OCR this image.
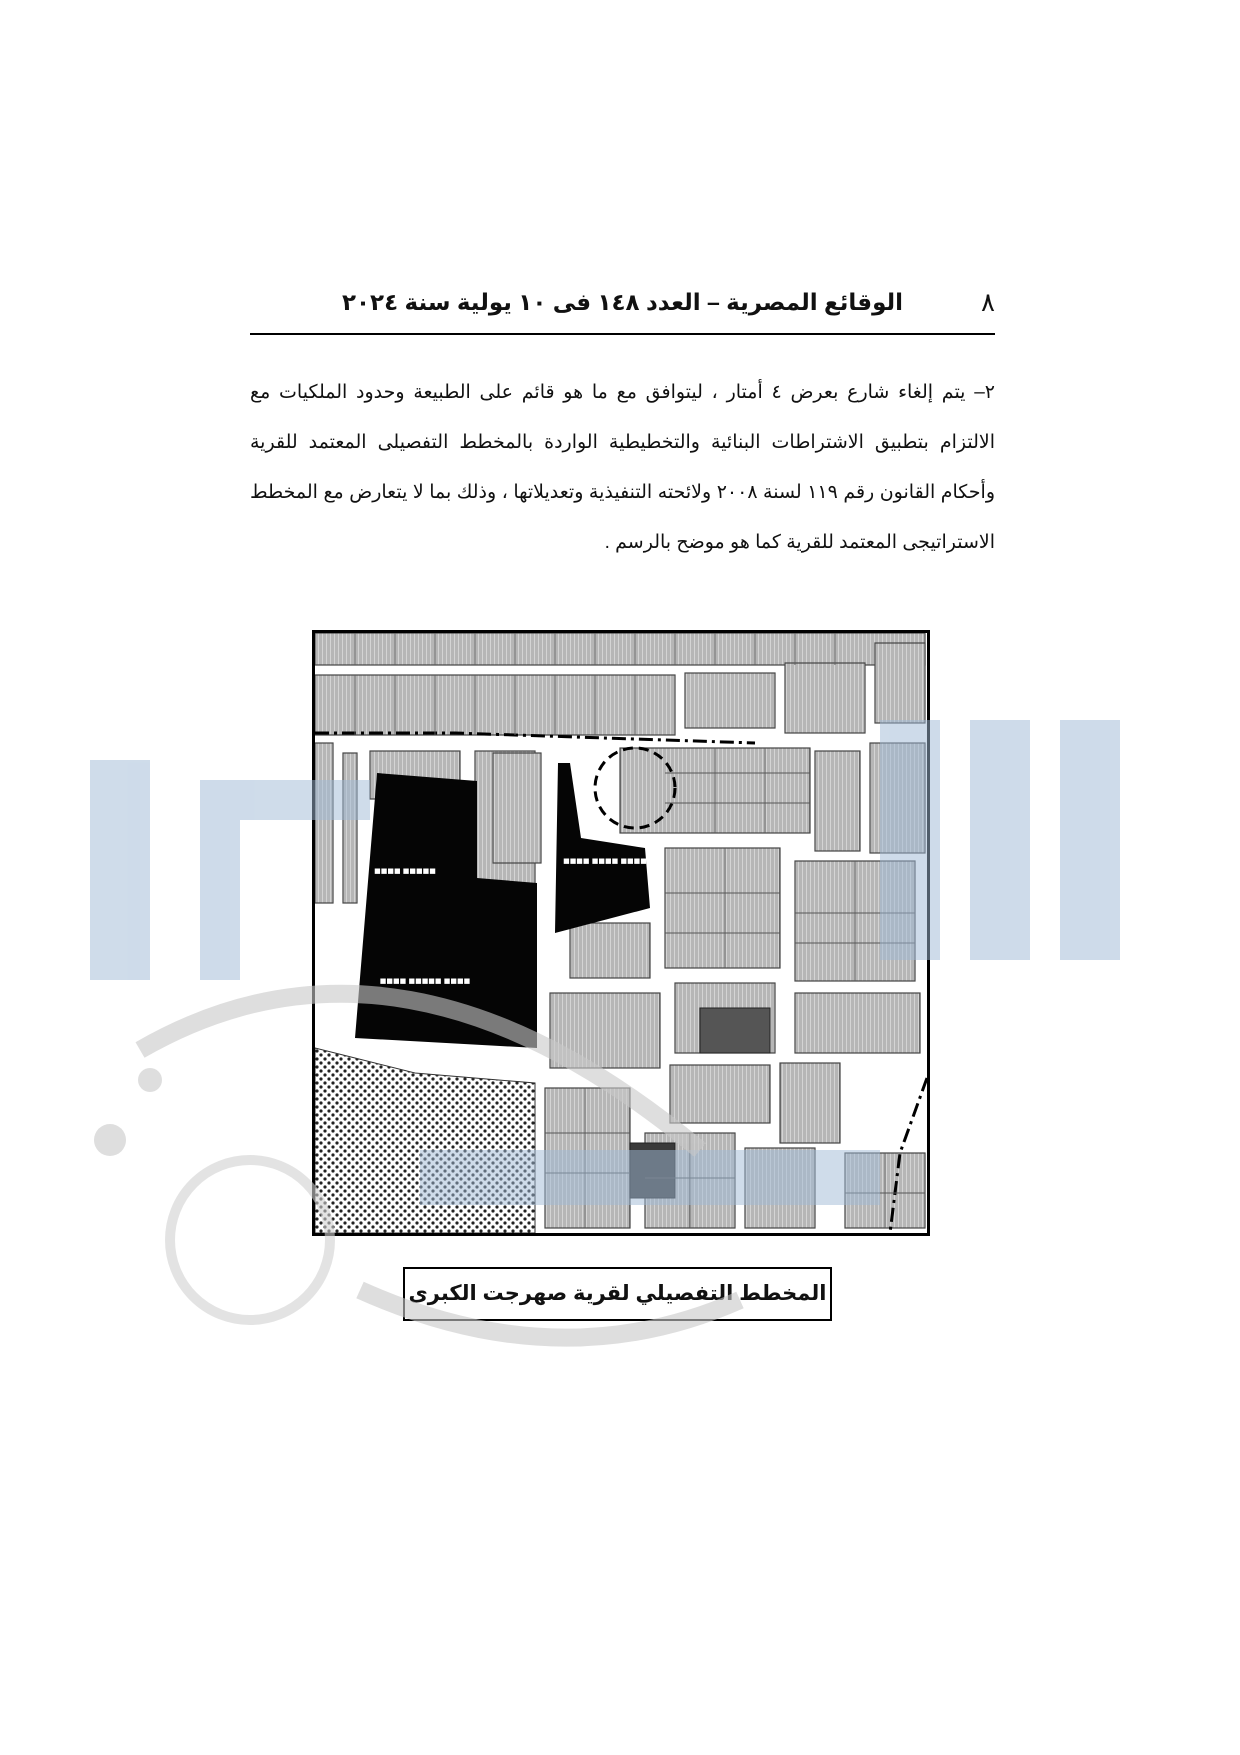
٨
الوقائع المصرية – العدد ١٤٨ فى ١٠ يولية سنة ٢٠٢٤

٢– يتم إلغاء شارع بعرض ٤ أمتار ، ليتوافق مع ما هو قائم على الطبيعة وحدود الملكيات مع الالتزام بتطبيق الاشتراطات البنائية والتخطيطية الواردة بالمخطط التفصيلى المعتمد للقرية وأحكام القانون رقم ١١٩ لسنة ٢٠٠٨ ولائحته التنفيذية وتعديلاتها ، وذلك بما لا يتعارض مع المخطط الاستراتيجى المعتمد للقرية كما هو موضح بالرسم .

■■■■ ■■■■■
■■■■ ■■■■■ ■■■■
■■■■ ■■■■ ■■■■
المخطط التفصيلي لقرية صهرجت الكبرى
